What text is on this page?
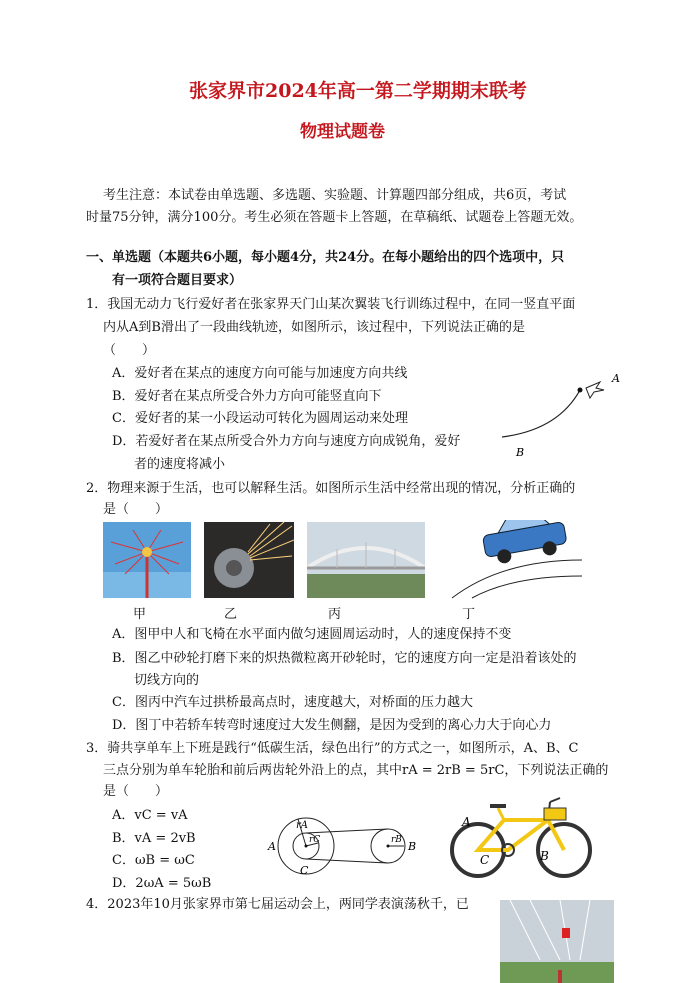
张家界市2024年高一第二学期期末联考
物理试题卷
考生注意：本试卷由单选题、多选题、实验题、计算题四部分组成，共6页，考试
时量75分钟，满分100分。考生必须在答题卡上答题，在草稿纸、试题卷上答题无效。
一、单选题（本题共6小题，每小题4分，共24分。在每小题给出的四个选项中，只
有一项符合题目要求）
1．我国无动力飞行爱好者在张家界天门山某次翼装飞行训练过程中，在同一竖直平面
内从A到B滑出了一段曲线轨迹，如图所示，该过程中，下列说法正确的是
（　　）
A．爱好者在某点的速度方向可能与加速度方向共线
B．爱好者在某点所受合外力方向可能竖直向下
C．爱好者的某一小段运动可转化为圆周运动来处理
D．若爱好者在某点所受合外力方向与速度方向成锐角，爱好
者的速度将减小
A
B
2．物理来源于生活，也可以解释生活。如图所示生活中经常出现的情况，分析正确的
是（　　）
甲	乙	丙	丁
A．图甲中人和飞椅在水平面内做匀速圆周运动时，人的速度保持不变
B．图乙中砂轮打磨下来的炽热微粒离开砂轮时，它的速度方向一定是沿着该处的
切线方向的
C．图丙中汽车过拱桥最高点时，速度越大，对桥面的压力越大
D．图丁中若轿车转弯时速度过大发生侧翻，是因为受到的离心力大于向心力
3．骑共享单车上下班是践行“低碳生活，绿色出行”的方式之一，如图所示，A、B、C
三点分别为单车轮胎和前后两齿轮外沿上的点，其中rA = 2rB = 5rC，下列说法正确的
是（　　）
A．vC = vA
B．vA = 2vB
C．ωB = ωC
D．2ωA = 5ωB
rA
rC	rB
A	B
C
A
B
C
4．2023年10月张家界市第七届运动会上，两同学表演荡秋千，已
